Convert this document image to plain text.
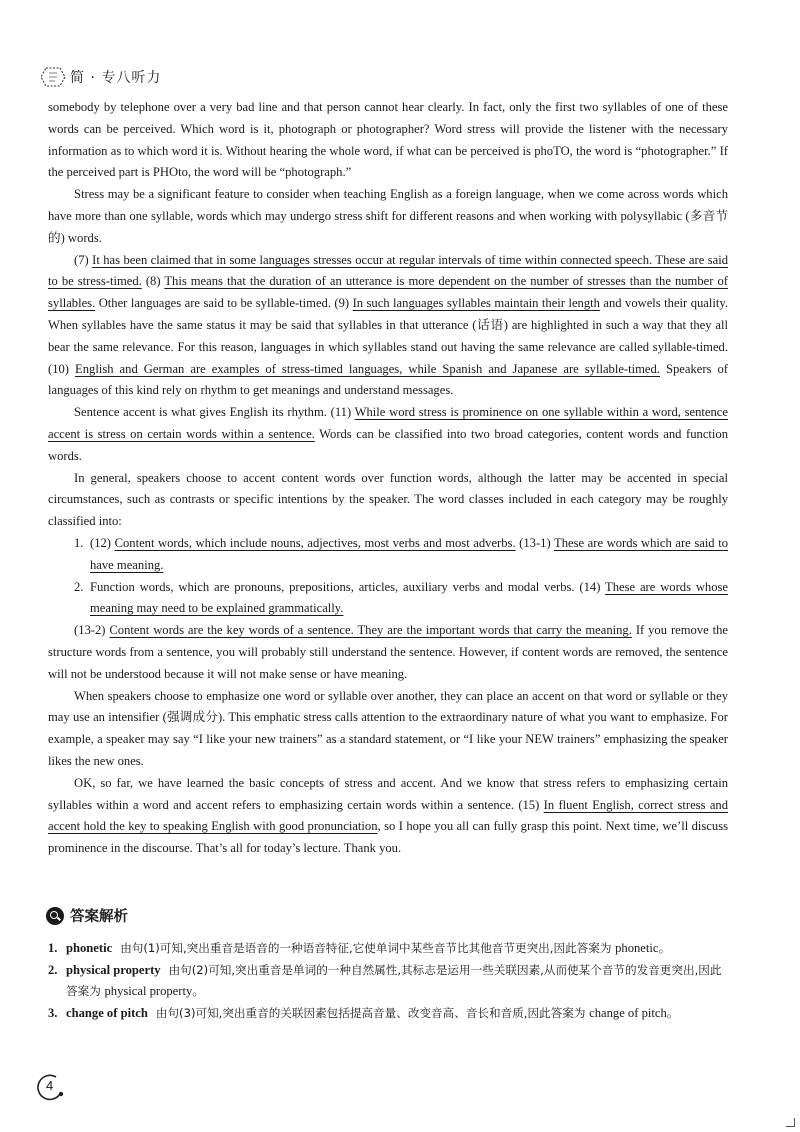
简 · 专八听力

somebody by telephone over a very bad line and that person cannot hear clearly. In fact, only the first two syllables of one of these words can be perceived. Which word is it, photograph or photographer? Word stress will provide the listener with the necessary information as to which word it is. Without hearing the whole word, if what can be perceived is phoTO, the word is “photographer.” If the perceived part is PHOto, the word will be “photograph.”

Stress may be a significant feature to consider when teaching English as a foreign language, when we come across words which have more than one syllable, words which may undergo stress shift for different reasons and when working with polysyllabic (多音节的) words.

(7) It has been claimed that in some languages stresses occur at regular intervals of time within connected speech. These are said to be stress-timed. (8) This means that the duration of an utterance is more dependent on the number of stresses than the number of syllables. Other languages are said to be syllable-timed. (9) In such languages syllables maintain their length and vowels their quality. When syllables have the same status it may be said that syllables in that utterance (话语) are highlighted in such a way that they all bear the same relevance. For this reason, languages in which syllables stand out having the same relevance are called syllable-timed. (10) English and German are examples of stress-timed languages, while Spanish and Japanese are syllable-timed. Speakers of languages of this kind rely on rhythm to get meanings and understand messages.

Sentence accent is what gives English its rhythm. (11) While word stress is prominence on one syllable within a word, sentence accent is stress on certain words within a sentence. Words can be classified into two broad categories, content words and function words.

In general, speakers choose to accent content words over function words, although the latter may be accented in special circumstances, such as contrasts or specific intentions by the speaker. The word classes included in each category may be roughly classified into:

1. (12) Content words, which include nouns, adjectives, most verbs and most adverbs. (13-1) These are words which are said to have meaning.

2. Function words, which are pronouns, prepositions, articles, auxiliary verbs and modal verbs. (14) These are words whose meaning may need to be explained grammatically.

(13-2) Content words are the key words of a sentence. They are the important words that carry the meaning. If you remove the structure words from a sentence, you will probably still understand the sentence. However, if content words are removed, the sentence will not be understood because it will not make sense or have meaning.

When speakers choose to emphasize one word or syllable over another, they can place an accent on that word or syllable or they may use an intensifier (强调成分). This emphatic stress calls attention to the extraordinary nature of what you want to emphasize. For example, a speaker may say “I like your new trainers” as a standard statement, or “I like your NEW trainers” emphasizing the speaker likes the new ones.

OK, so far, we have learned the basic concepts of stress and accent. And we know that stress refers to emphasizing certain syllables within a word and accent refers to emphasizing certain words within a sentence. (15) In fluent English, correct stress and accent hold the key to speaking English with good pronunciation, so I hope you all can fully grasp this point. Next time, we’ll discuss prominence in the discourse. That’s all for today’s lecture. Thank you.

答案解析
1. phonetic 由句(1)可知,突出重音是语音的一种语音特征,它使单词中某些音节比其他音节更突出,因此答案为 phonetic。
2. physical property 由句(2)可知,突出重音是单词的一种自然属性,其标志是运用一些关联因素,从而使某个音节的发音更突出,因此答案为 physical property。
3. change of pitch 由句(3)可知,突出重音的关联因素包括提高音量、改变音高、音长和音质,因此答案为 change of pitch。
4
